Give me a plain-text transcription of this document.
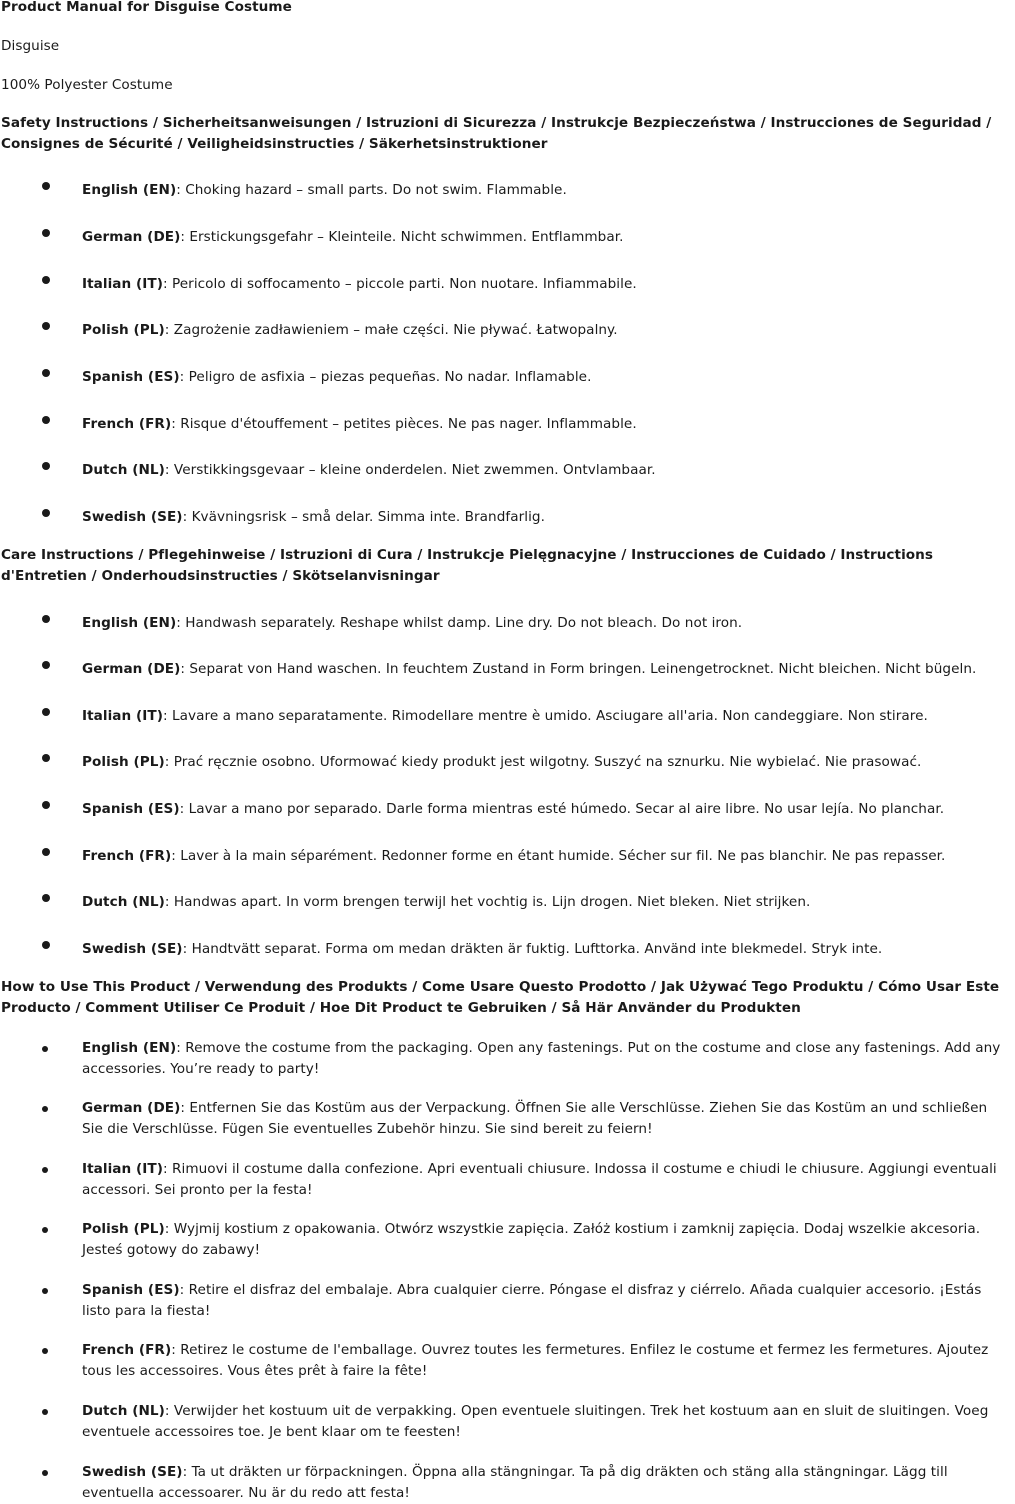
Product Manual for Disguise Costume

Disguise

100% Polyester Costume

Safety Instructions / Sicherheitsanweisungen / Istruzioni di Sicurezza / Instrukcje Bezpieczeństwa / Instrucciones de Seguridad / Consignes de Sécurité / Veiligheidsinstructies / Säkerhetsinstruktioner

English (EN): Choking hazard – small parts. Do not swim. Flammable.

German (DE): Erstickungsgefahr – Kleinteile. Nicht schwimmen. Entflammbar.

Italian (IT): Pericolo di soffocamento – piccole parti. Non nuotare. Infiammabile.

Polish (PL): Zagrożenie zadławieniem – małe części. Nie pływać. Łatwopalny.

Spanish (ES): Peligro de asfixia – piezas pequeñas. No nadar. Inflamable.

French (FR): Risque d'étouffement – petites pièces. Ne pas nager. Inflammable.

Dutch (NL): Verstikkingsgevaar – kleine onderdelen. Niet zwemmen. Ontvlambaar.

Swedish (SE): Kvävningsrisk – små delar. Simma inte. Brandfarlig.

Care Instructions / Pflegehinweise / Istruzioni di Cura / Instrukcje Pielęgnacyjne / Instrucciones de Cuidado / Instructions d'Entretien / Onderhoudsinstructies / Skötselanvisningar

English (EN): Handwash separately. Reshape whilst damp. Line dry. Do not bleach. Do not iron.

German (DE): Separat von Hand waschen. In feuchtem Zustand in Form bringen. Leinengetrocknet. Nicht bleichen. Nicht bügeln.

Italian (IT): Lavare a mano separatamente. Rimodellare mentre è umido. Asciugare all'aria. Non candeggiare. Non stirare.

Polish (PL): Prać ręcznie osobno. Uformować kiedy produkt jest wilgotny. Suszyć na sznurku. Nie wybielać. Nie prasować.

Spanish (ES): Lavar a mano por separado. Darle forma mientras esté húmedo. Secar al aire libre. No usar lejía. No planchar.

French (FR): Laver à la main séparément. Redonner forme en étant humide. Sécher sur fil. Ne pas blanchir. Ne pas repasser.

Dutch (NL): Handwas apart. In vorm brengen terwijl het vochtig is. Lijn drogen. Niet bleken. Niet strijken.

Swedish (SE): Handtvätt separat. Forma om medan dräkten är fuktig. Lufttorka. Använd inte blekmedel. Stryk inte.

How to Use This Product / Verwendung des Produkts / Come Usare Questo Prodotto / Jak Używać Tego Produktu / Cómo Usar Este Producto / Comment Utiliser Ce Produit / Hoe Dit Product te Gebruiken / Så Här Använder du Produkten

English (EN): Remove the costume from the packaging. Open any fastenings. Put on the costume and close any fastenings. Add any accessories. You’re ready to party!

German (DE): Entfernen Sie das Kostüm aus der Verpackung. Öffnen Sie alle Verschlüsse. Ziehen Sie das Kostüm an und schließen Sie die Verschlüsse. Fügen Sie eventuelles Zubehör hinzu. Sie sind bereit zu feiern!

Italian (IT): Rimuovi il costume dalla confezione. Apri eventuali chiusure. Indossa il costume e chiudi le chiusure. Aggiungi eventuali accessori. Sei pronto per la festa!

Polish (PL): Wyjmij kostium z opakowania. Otwórz wszystkie zapięcia. Załóż kostium i zamknij zapięcia. Dodaj wszelkie akcesoria. Jesteś gotowy do zabawy!

Spanish (ES): Retire el disfraz del embalaje. Abra cualquier cierre. Póngase el disfraz y ciérrelo. Añada cualquier accesorio. ¡Estás listo para la fiesta!

French (FR): Retirez le costume de l'emballage. Ouvrez toutes les fermetures. Enfilez le costume et fermez les fermetures. Ajoutez tous les accessoires. Vous êtes prêt à faire la fête!

Dutch (NL): Verwijder het kostuum uit de verpakking. Open eventuele sluitingen. Trek het kostuum aan en sluit de sluitingen. Voeg eventuele accessoires toe. Je bent klaar om te feesten!

Swedish (SE): Ta ut dräkten ur förpackningen. Öppna alla stängningar. Ta på dig dräkten och stäng alla stängningar. Lägg till eventuella accessoarer. Nu är du redo att festa!
